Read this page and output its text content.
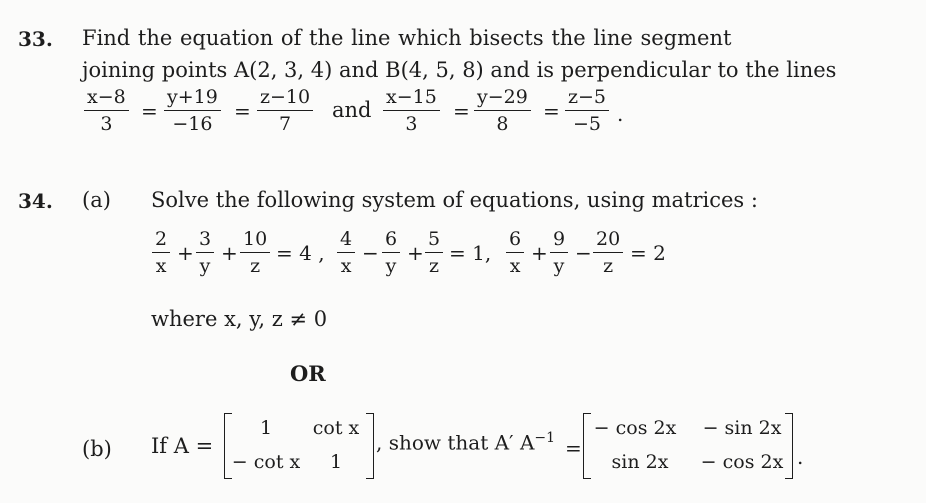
33. Find the equation of the line which bisects the line segment
joining points A(2, 3, 4) and B(4, 5, 8) and is perpendicular to the lines
$\frac{x-8}{3} = \frac{y+19}{-16} = \frac{z-10}{7}$ and $\frac{x-15}{3} = \frac{y-29}{8} = \frac{z-5}{-5}$ .
34. (a) Solve the following system of equations, using matrices :
$\frac{2}{x} + \frac{3}{y} + \frac{10}{z} = 4$ , $\frac{4}{x} - \frac{6}{y} + \frac{5}{z} = 1$, $\frac{6}{x} + \frac{9}{y} - \frac{20}{z} = 2$
where x, y, z ≠ 0
OR
(b) If A =
1	cot x
− cot x	1
, show that A′ $A^{-1}$ =
− cos 2x − sin 2x
sin 2x	− cos 2x .
